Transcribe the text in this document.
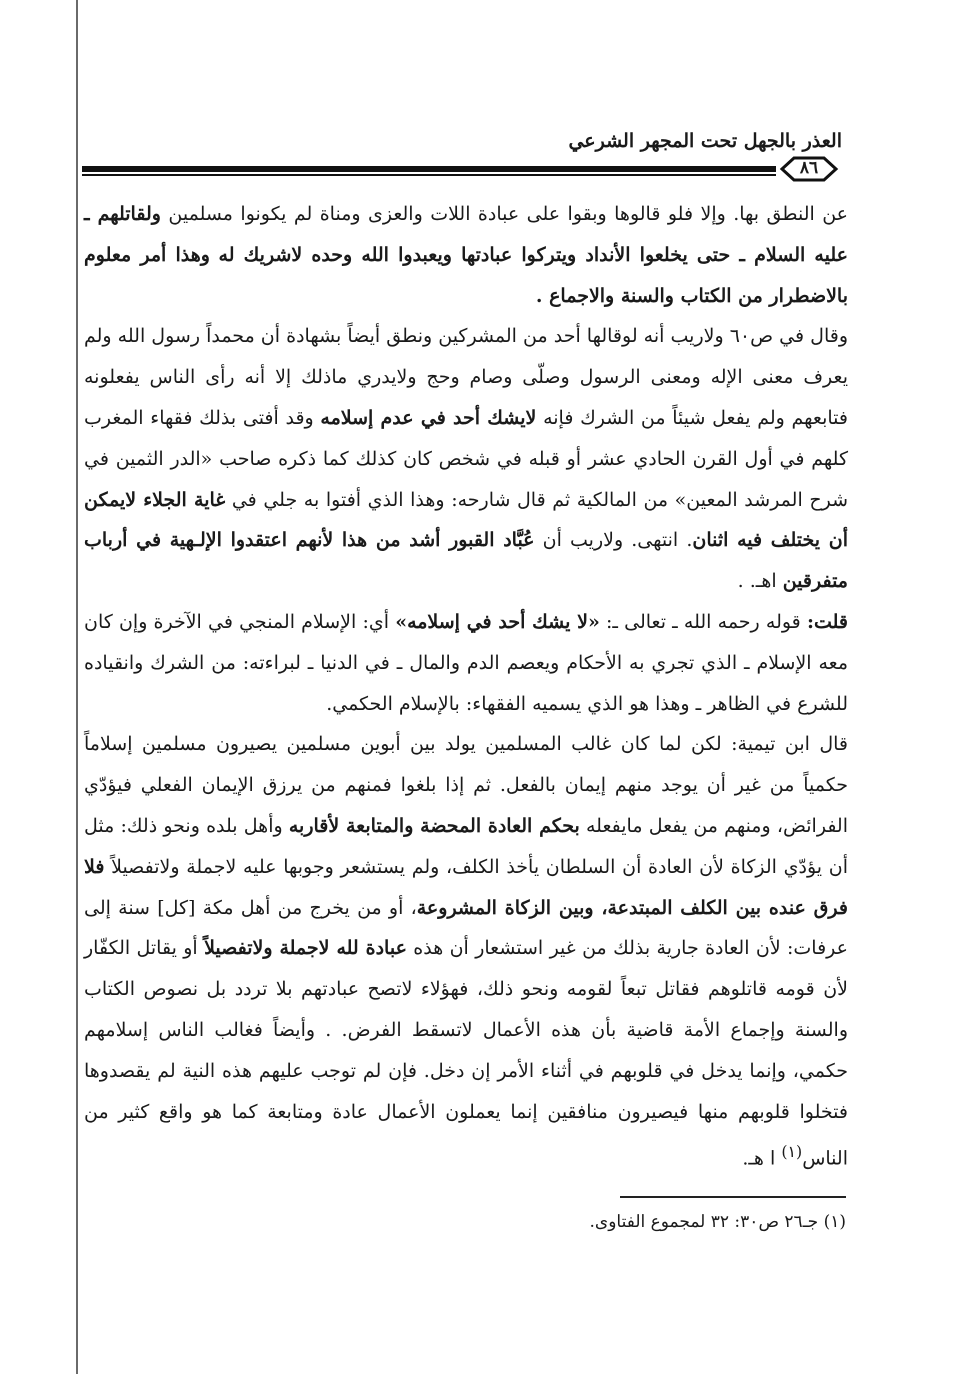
العذر بالجهل تحت المجهر الشرعي
٨٦

عن النطق بها. وإلا فلو قالوها وبقوا على عبادة اللات والعزى ومناة لم يكونوا مسلمين ولقاتلهم ـ عليه السلام ـ حتى يخلعوا الأنداد ويتركوا عبادتها ويعبدوا الله وحده لاشريك له وهذا أمر معلوم بالاضطرار من الكتاب والسنة والاجماع .

وقال في ص٦٠ ولاريب أنه لوقالها أحد من المشركين ونطق أيضاً بشهادة أن محمداً رسول الله ولم يعرف معنى الإله ومعنى الرسول وصلّى وصام وحج ولايدري ماذلك إلا أنه رأى الناس يفعلونه فتابعهم ولم يفعل شيئاً من الشرك فإنه لايشك أحد في عدم إسلامه وقد أفتى بذلك فقهاء المغرب كلهم في أول القرن الحادي عشر أو قبله في شخص كان كذلك كما ذكره صاحب «الدر الثمين في شرح المرشد المعين» من المالكية ثم قال شارحه: وهذا الذي أفتوا به جلي في غاية الجلاء لايمكن أن يختلف فيه اثنان. انتهى. ولاريب أن عُبَّاد القبور أشد من هذا لأنهم اعتقدوا الإلـهية في أرباب متفرقين اهـ. .

قلت: قوله رحمه الله ـ تعالى ـ: «لا يشك أحد في إسلامه» أي: الإسلام المنجي في الآخرة وإن كان معه الإسلام ـ الذي تجري به الأحكام ويعصم الدم والمال ـ في الدنيا ـ لبراءته: من الشرك وانقياده للشرع في الظاهر ـ وهذا هو الذي يسميه الفقهاء: بالإسلام الحكمي.

قال ابن تيمية: لكن لما كان غالب المسلمين يولد بين أبوين مسلمين يصيرون مسلمين إسلاماً حكمياً من غير أن يوجد منهم إيمان بالفعل. ثم إذا بلغوا فمنهم من يرزق الإيمان الفعلي فيؤدّي الفرائض، ومنهم من يفعل مايفعله بحكم العادة المحضة والمتابعة لأقاربه وأهل بلده ونحو ذلك: مثل أن يؤدّي الزكاة لأن العادة أن السلطان يأخذ الكلف، ولم يستشعر وجوبها عليه لاجملة ولاتفصيلاً فلا فرق عنده بين الكلف المبتدعة، وبين الزكاة المشروعة، أو من يخرج من أهل مكة [كل] سنة إلى عرفات: لأن العادة جارية بذلك من غير استشعار أن هذه عبادة لله لاجملة ولاتفصيلاً أو يقاتل الكفّار لأن قومه قاتلوهم فقاتل تبعاً لقومه ونحو ذلك، فهؤلاء لاتصح عبادتهم بلا تردد بل نصوص الكتاب والسنة وإجماع الأمة قاضية بأن هذه الأعمال لاتسقط الفرض. . وأيضاً فغالب الناس إسلامهم حكمي، وإنما يدخل في قلوبهم في أثناء الأمر إن دخل. فإن لم توجب عليهم هذه النية لم يقصدوها فتخلوا قلوبهم منها فيصيرون منافقين إنما يعملون الأعمال عادة ومتابعة كما هو واقع كثير من الناس$^{(١)}$ ا هـ.

(١) جـ٢٦ ص٣٠: ٣٢ لمجموع الفتاوى.
